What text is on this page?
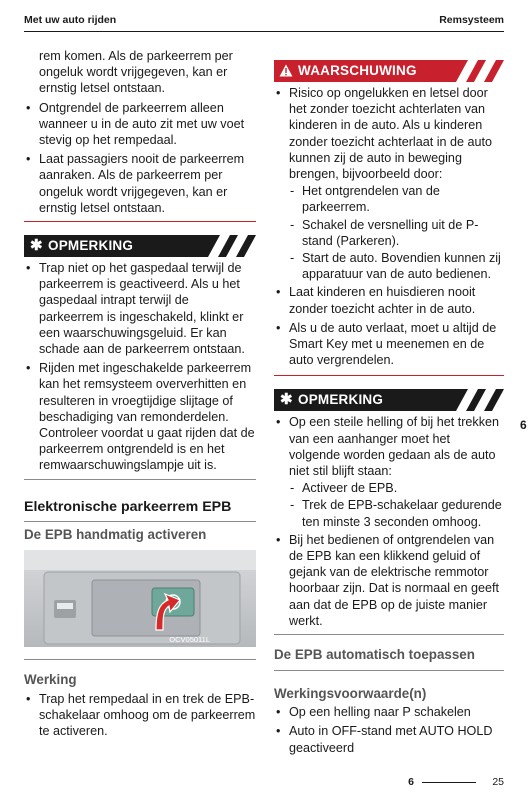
Met uw auto rijden	Remsysteem
rem komen. Als de parkeerrem per ongeluk wordt vrijgegeven, kan er ernstig letsel ontstaan.
• Ontgrendel de parkeerrem alleen wanneer u in de auto zit met uw voet stevig op het rempedaal.
• Laat passagiers nooit de parkeerrem aanraken. Als de parkeerrem per ongeluk wordt vrijgegeven, kan er ernstig letsel ontstaan.
✱ OPMERKING
• Trap niet op het gaspedaal terwijl de parkeerrem is geactiveerd. Als u het gaspedaal intrapt terwijl de parkeerrem is ingeschakeld, klinkt er een waarschuwingsgeluid. Er kan schade aan de parkeerrem ontstaan.
• Rijden met ingeschakelde parkeerrem kan het remsysteem oververhitten en resulteren in vroegtijdige slijtage of beschadiging van remonderdelen. Controleer voordat u gaat rijden dat de parkeerrem ontgrendeld is en het remwaarschuwingslampje uit is.
Elektronische parkeerrem EPB
De EPB handmatig activeren
OCV05011L
Werking
• Trap het rempedaal in en trek de EPB-schakelaar omhoog om de parkeerrem te activeren.
WAARSCHUWING
• Risico op ongelukken en letsel door het zonder toezicht achterlaten van kinderen in de auto. Als u kinderen zonder toezicht achterlaat in de auto kunnen zij de auto in beweging brengen, bijvoorbeeld door:
- Het ontgrendelen van de parkeerrem.
- Schakel de versnelling uit de P-stand (Parkeren).
- Start de auto. Bovendien kunnen zij apparatuur van de auto bedienen.
• Laat kinderen en huisdieren nooit zonder toezicht achter in de auto.
• Als u de auto verlaat, moet u altijd de Smart Key met u meenemen en de auto vergrendelen.
✱ OPMERKING
• Op een steile helling of bij het trekken van een aanhanger moet het volgende worden gedaan als de auto niet stil blijft staan:
- Activeer de EPB.
- Trek de EPB-schakelaar gedurende ten minste 3 seconden omhoog.
• Bij het bedienen of ontgrendelen van de EPB kan een klikkend geluid of gejank van de elektrische remmotor hoorbaar zijn. Dat is normaal en geeft aan dat de EPB op de juiste manier werkt.
De EPB automatisch toepassen
Werkingsvoorwaarde(n)
• Op een helling naar P schakelen
• Auto in OFF-stand met AUTO HOLD geactiveerd
6
6	25
